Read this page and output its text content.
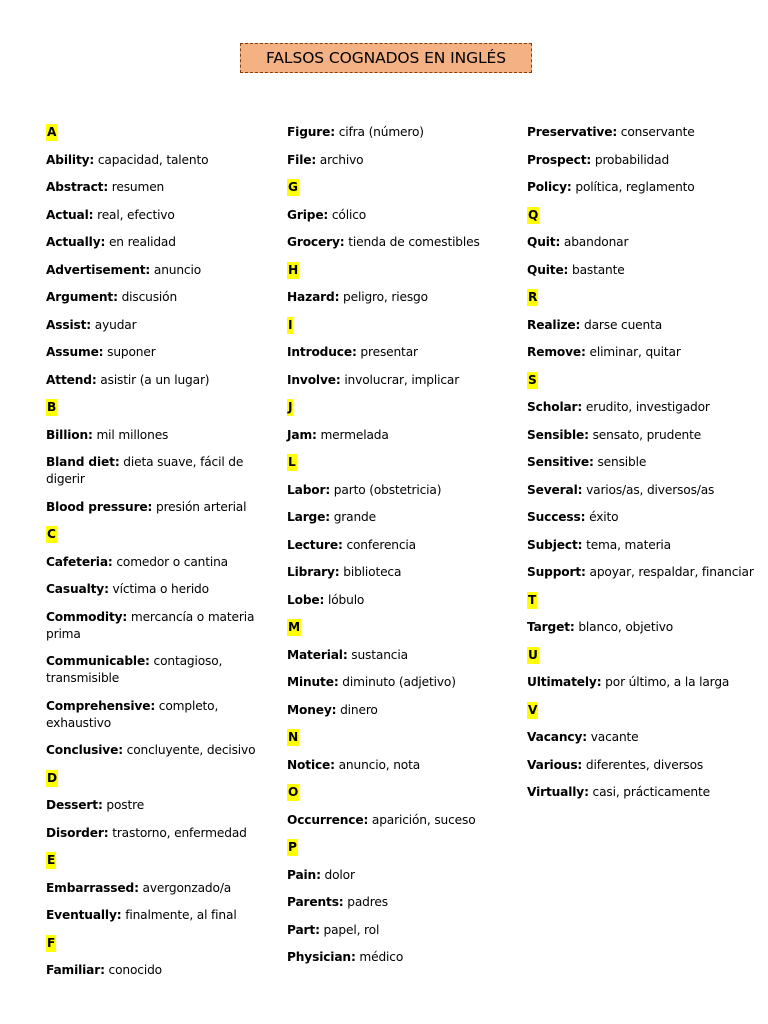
FALSOS COGNADOS EN INGLÉS
A
Ability: capacidad, talento
Abstract: resumen
Actual: real, efectivo
Actually: en realidad
Advertisement: anuncio
Argument: discusión
Assist: ayudar
Assume: suponer
Attend: asistir (a un lugar)
B
Billion: mil millones
Bland diet: dieta suave, fácil de digerir
Blood pressure: presión arterial
C
Cafeteria: comedor o cantina
Casualty: víctima o herido
Commodity: mercancía o materia prima
Communicable: contagioso, transmisible
Comprehensive: completo, exhaustivo
Conclusive: concluyente, decisivo
D
Dessert: postre
Disorder: trastorno, enfermedad
E
Embarrassed: avergonzado/a
Eventually: finalmente, al final
F
Familiar: conocido
Figure: cifra (número)
File: archivo
G
Gripe: cólico
Grocery: tienda de comestibles
H
Hazard: peligro, riesgo
I
Introduce: presentar
Involve: involucrar, implicar
J
Jam: mermelada
L
Labor: parto (obstetricia)
Large: grande
Lecture: conferencia
Library: biblioteca
Lobe: lóbulo
M
Material: sustancia
Minute: diminuto (adjetivo)
Money: dinero
N
Notice: anuncio, nota
O
Occurrence: aparición, suceso
P
Pain: dolor
Parents: padres
Part: papel, rol
Physician: médico
Preservative: conservante
Prospect: probabilidad
Policy: política, reglamento
Q
Quit: abandonar
Quite: bastante
R
Realize: darse cuenta
Remove: eliminar, quitar
S
Scholar: erudito, investigador
Sensible: sensato, prudente
Sensitive: sensible
Several: varios/as, diversos/as
Success: éxito
Subject: tema, materia
Support: apoyar, respaldar, financiar
T
Target: blanco, objetivo
U
Ultimately: por último, a la larga
V
Vacancy: vacante
Various: diferentes, diversos
Virtually: casi, prácticamente
